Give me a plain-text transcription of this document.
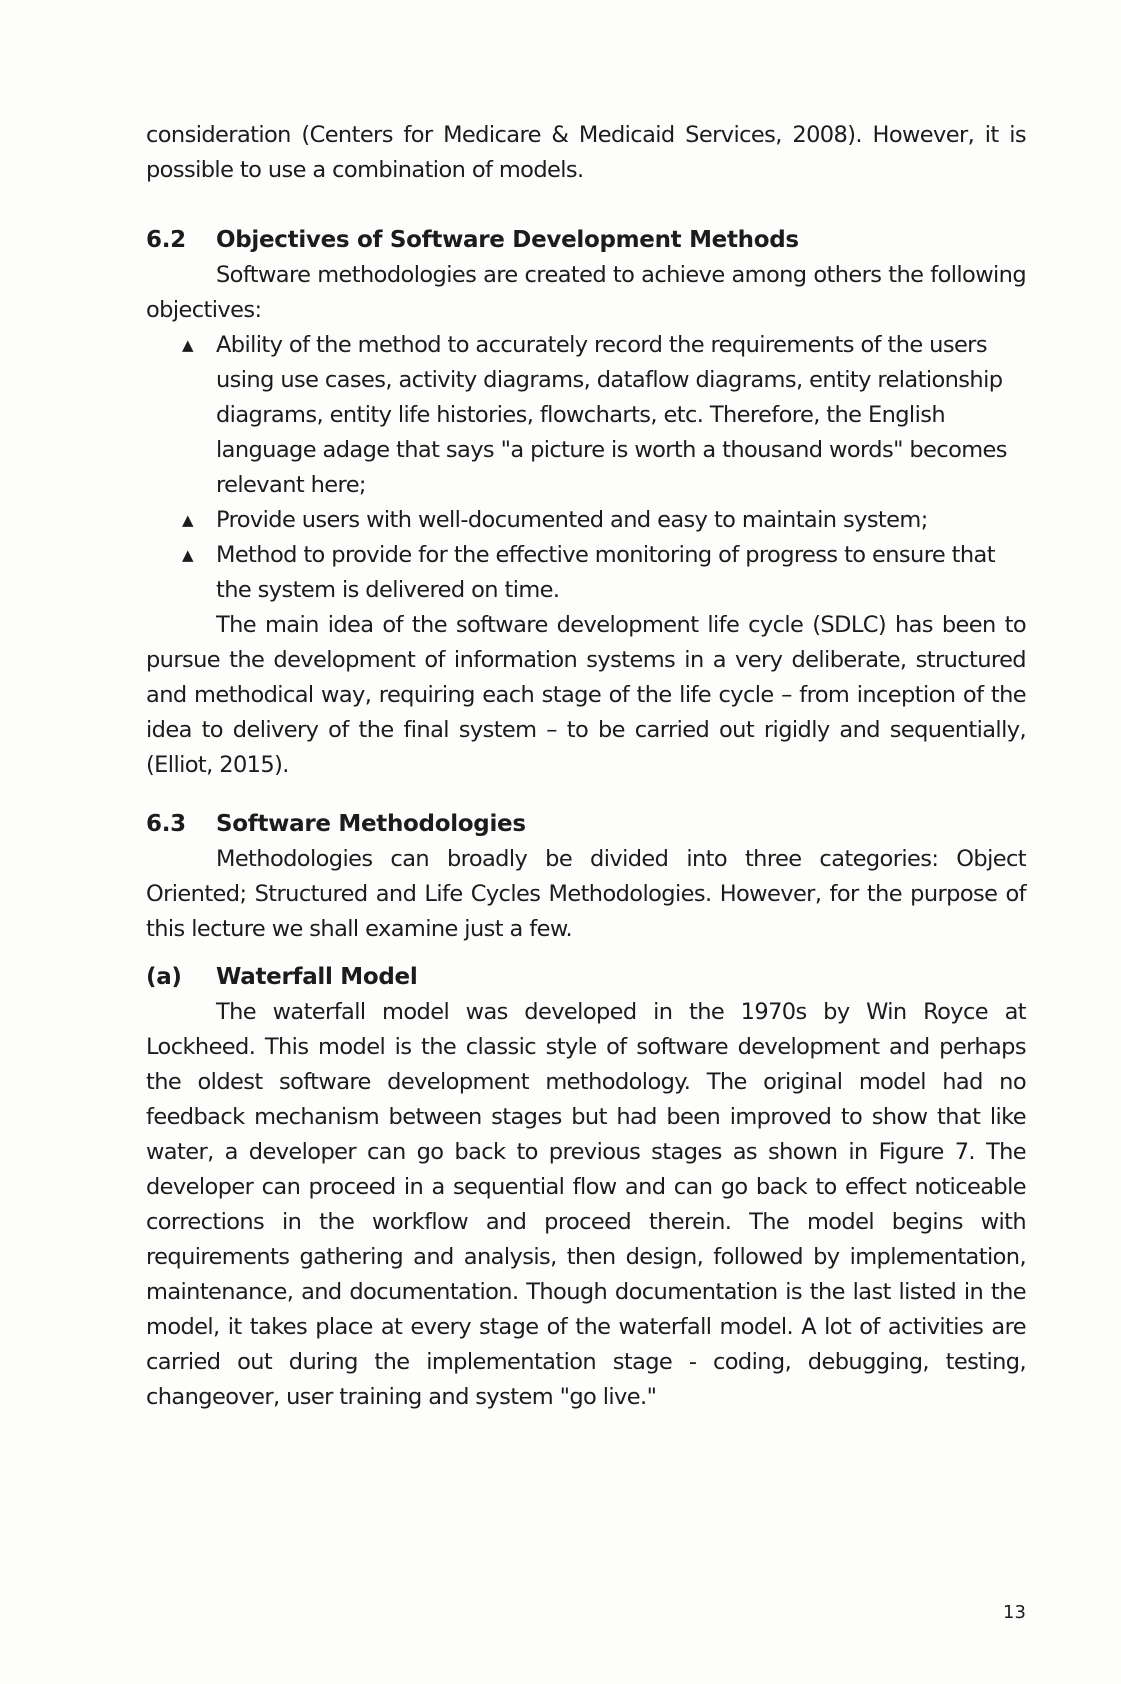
consideration (Centers for Medicare & Medicaid Services, 2008). However, it is possible to use a combination of models.

6.2	Objectives of Software Development Methods

Software methodologies are created to achieve among others the following objectives:

▲ Ability of the method to accurately record the requirements of the users using use cases, activity diagrams, dataflow diagrams, entity relationship diagrams, entity life histories, flowcharts, etc. Therefore, the English language adage that says "a picture is worth a thousand words" becomes relevant here;
▲ Provide users with well-documented and easy to maintain system;
▲ Method to provide for the effective monitoring of progress to ensure that the system is delivered on time.

The main idea of the software development life cycle (SDLC) has been to pursue the development of information systems in a very deliberate, structured and methodical way, requiring each stage of the life cycle – from inception of the idea to delivery of the final system – to be carried out rigidly and sequentially, (Elliot, 2015).

6.3	Software Methodologies

Methodologies can broadly be divided into three categories: Object Oriented; Structured and Life Cycles Methodologies. However, for the purpose of this lecture we shall examine just a few.

(a)	Waterfall Model

The waterfall model was developed in the 1970s by Win Royce at Lockheed. This model is the classic style of software development and perhaps the oldest software development methodology. The original model had no feedback mechanism between stages but had been improved to show that like water, a developer can go back to previous stages as shown in Figure 7. The developer can proceed in a sequential flow and can go back to effect noticeable corrections in the workflow and proceed therein. The model begins with requirements gathering and analysis, then design, followed by implementation, maintenance, and documentation. Though documentation is the last listed in the model, it takes place at every stage of the waterfall model. A lot of activities are carried out during the implementation stage - coding, debugging, testing, changeover, user training and system "go live."

13
